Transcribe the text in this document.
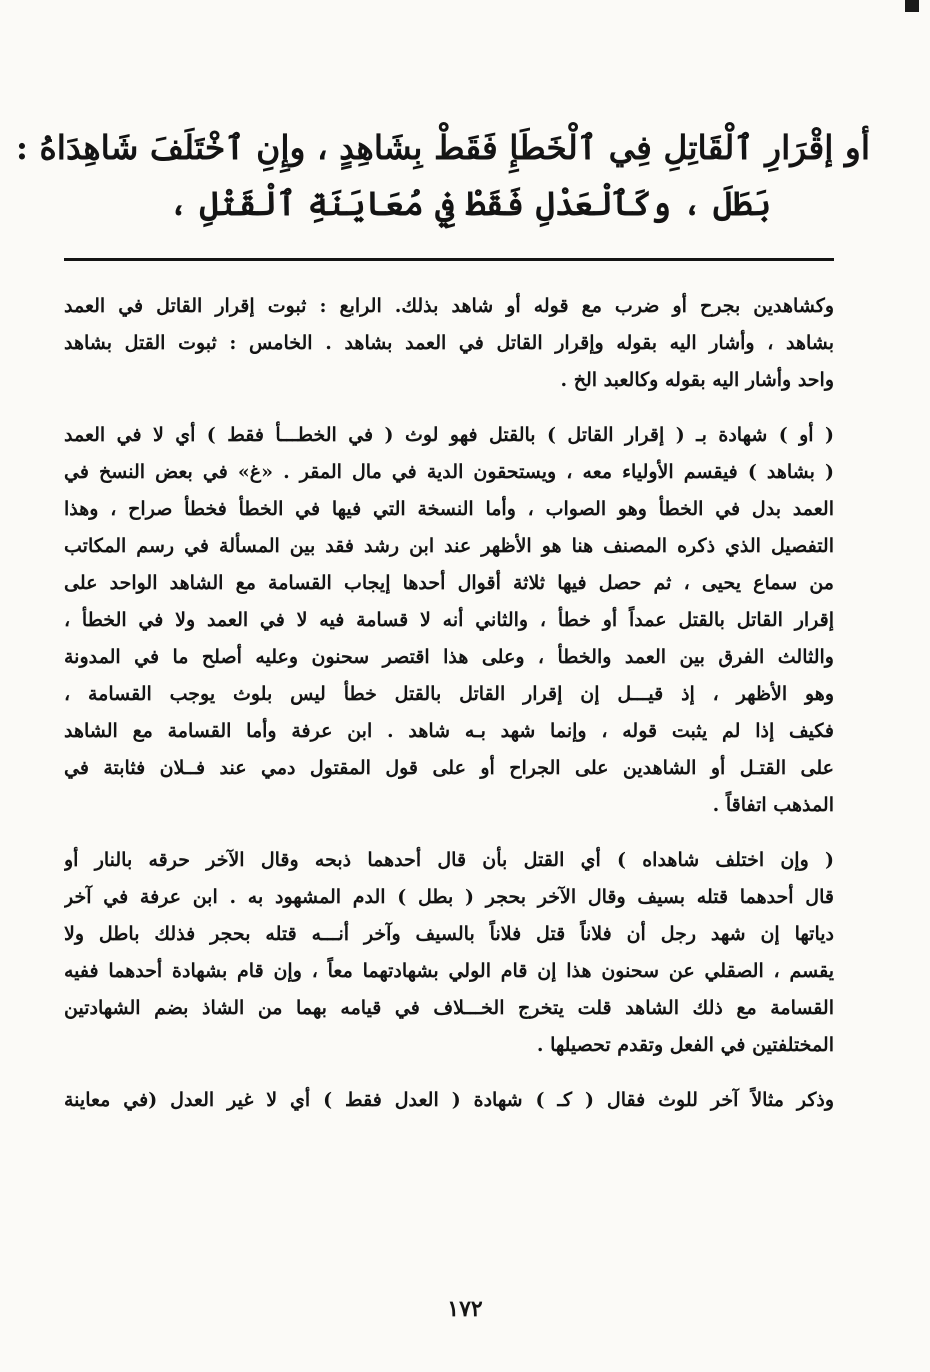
أو إقْرَارِ ٱلْقَاتِلِ فِي ٱلْخَطَإِ فَقَطْ بِشَاهِدٍ ، وإِنِ ٱخْتَلَفَ شَاهِدَاهُ :
بَطَلَ ، وكَٱلْعَدْلِ فَقَطْ فِي مُعَايَنَةِ ٱلْقَتْلِ ،
وكشاهدين بجرح أو ضرب مع قوله أو شاهد بذلك. الرابع : ثبوت إقرار القاتل في العمد
بشاهد ، وأشار اليه بقوله وإقرار القاتل في العمد بشاهد . الخامس : ثبوت القتل بشاهد
واحد وأشار اليه بقوله وكالعبد الخ .
( أو ) شهادة بـ ( إقرار القاتل ) بالقتل فهو لوث ( في الخطـــأ فقط ) أي لا في العمد
( بشاهد ) فيقسم الأولياء معه ، ويستحقون الدية في مال المقر . «غ» في بعض النسخ في
العمد بدل في الخطأ وهو الصواب ، وأما النسخة التي فيها في الخطأ فخطأ صراح ، وهذا
التفصيل الذي ذكره المصنف هنا هو الأظهر عند ابن رشد فقد بين المسألة في رسم المكاتب
من سماع يحيى ، ثم حصل فيها ثلاثة أقوال أحدها إيجاب القسامة مع الشاهد الواحد على
إقرار القاتل بالقتل عمداً أو خطأ ، والثاني أنه لا قسامة فيه لا في العمد ولا في الخطأ ،
والثالث الفرق بين العمد والخطأ ، وعلى هذا اقتصر سحنون وعليه أصلح ما في المدونة
وهو الأظهر ، إذ قيـــل إن إقرار القاتل بالقتل خطأ ليس بلوث يوجب القسامة ،
فكيف إذا لم يثبت قوله ، وإنما شهد بـه شاهد . ابن عرفة وأما القسامة مع الشاهد
على القتـل أو الشاهدين على الجراح أو على قول المقتول دمي عند فــلان فثابتة في
المذهب اتفاقاً .
( وإن اختلف شاهداه ) أي القتل بأن قال أحدهما ذبحه وقال الآخر حرقه بالنار أو
قال أحدهما قتله بسيف وقال الآخر بحجر ( بطل ) الدم المشهود به . ابن عرفة في آخر
دياتها إن شهد رجل أن فلاناً قتل فلاناً بالسيف وآخر أنـــه قتله بحجر فذلك باطل ولا
يقسم ، الصقلي عن سحنون هذا إن قام الولي بشهادتهما معاً ، وإن قام بشهادة أحدهما ففيه
القسامة مع ذلك الشاهد قلت يتخرج الخـــلاف في قيامه بهما من الشاذ بضم الشهادتين
المختلفتين في الفعل وتقدم تحصيلها .
وذكر مثالاً آخر للوث فقال ( كـ ) شهادة ( العدل فقط ) أي لا غير العدل (في معاينة
١٧٢
